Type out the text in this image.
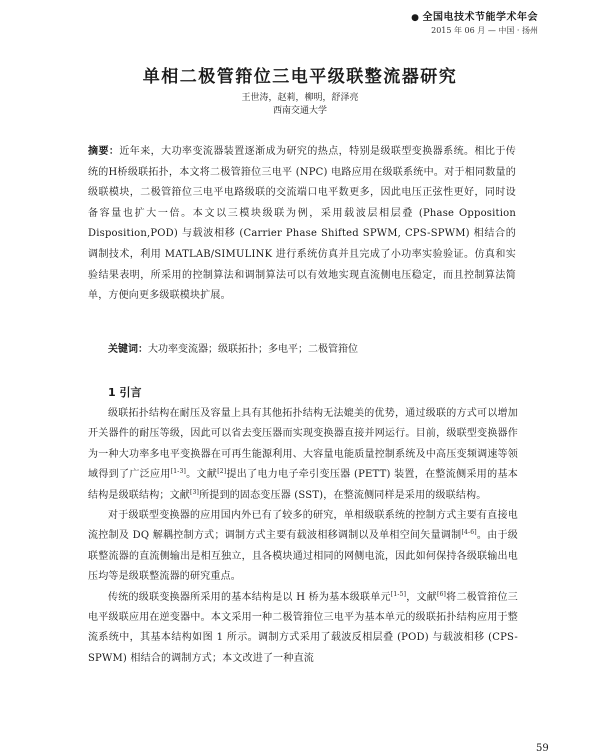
● 全国电技术节能学术年会
2015 年 06 月 — 中国 · 扬州
单相二极管箝位三电平级联整流器研究
王世涛，赵莉，柳明，舒泽亮
西南交通大学
摘要：近年来，大功率变流器装置逐渐成为研究的热点，特别是级联型变换器系统。相比于传统的H桥级联拓扑，本文将二极管箝位三电平 (NPC) 电路应用在级联系统中。对于相同数量的级联模块，二极管箝位三电平电路级联的交流端口电平数更多，因此电压正弦性更好，同时设备容量也扩大一倍。本文以三模块级联为例，采用载波层相层叠 (Phase Opposition Disposition,POD) 与载波相移 (Carrier Phase Shifted SPWM, CPS-SPWM) 相结合的调制技术，利用 MATLAB/SIMULINK 进行系统仿真并且完成了小功率实验验证。仿真和实验结果表明，所采用的控制算法和调制算法可以有效地实现直流侧电压稳定，而且控制算法简单，方便向更多级联模块扩展。
关键词：大功率变流器；级联拓扑；多电平；二极管箝位
1 引言

级联拓扑结构在耐压及容量上具有其他拓扑结构无法媲美的优势，通过级联的方式可以增加开关器件的耐压等级，因此可以省去变压器而实现变换器直接并网运行。目前，级联型变换器作为一种大功率多电平变换器在可再生能源利用、大容量电能质量控制系统及中高压变频调速等领域得到了广泛应用[1-3]。文献[2]提出了电力电子牵引变压器 (PETT) 装置，在整流侧采用的基本结构是级联结构；文献[3]所提到的固态变压器 (SST)，在整流侧同样是采用的级联结构。

对于级联型变换器的应用国内外已有了较多的研究，单相级联系统的控制方式主要有直接电流控制及 DQ 解耦控制方式；调制方式主要有载波相移调制以及单相空间矢量调制[4-6]。由于级联整流器的直流侧输出是相互独立，且各模块通过相同的网侧电流，因此如何保持各级联输出电压均等是级联整流器的研究重点。

传统的级联变换器所采用的基本结构是以 H 桥为基本级联单元[1-5]，文献[6]将二极管箝位三电平级联应用在逆变器中。本文采用一种二极管箝位三电平为基本单元的级联拓扑结构应用于整流系统中，其基本结构如图 1 所示。调制方式采用了载波反相层叠 (POD) 与载波相移 (CPS-SPWM) 相结合的调制方式；本文改进了一种直流

59
